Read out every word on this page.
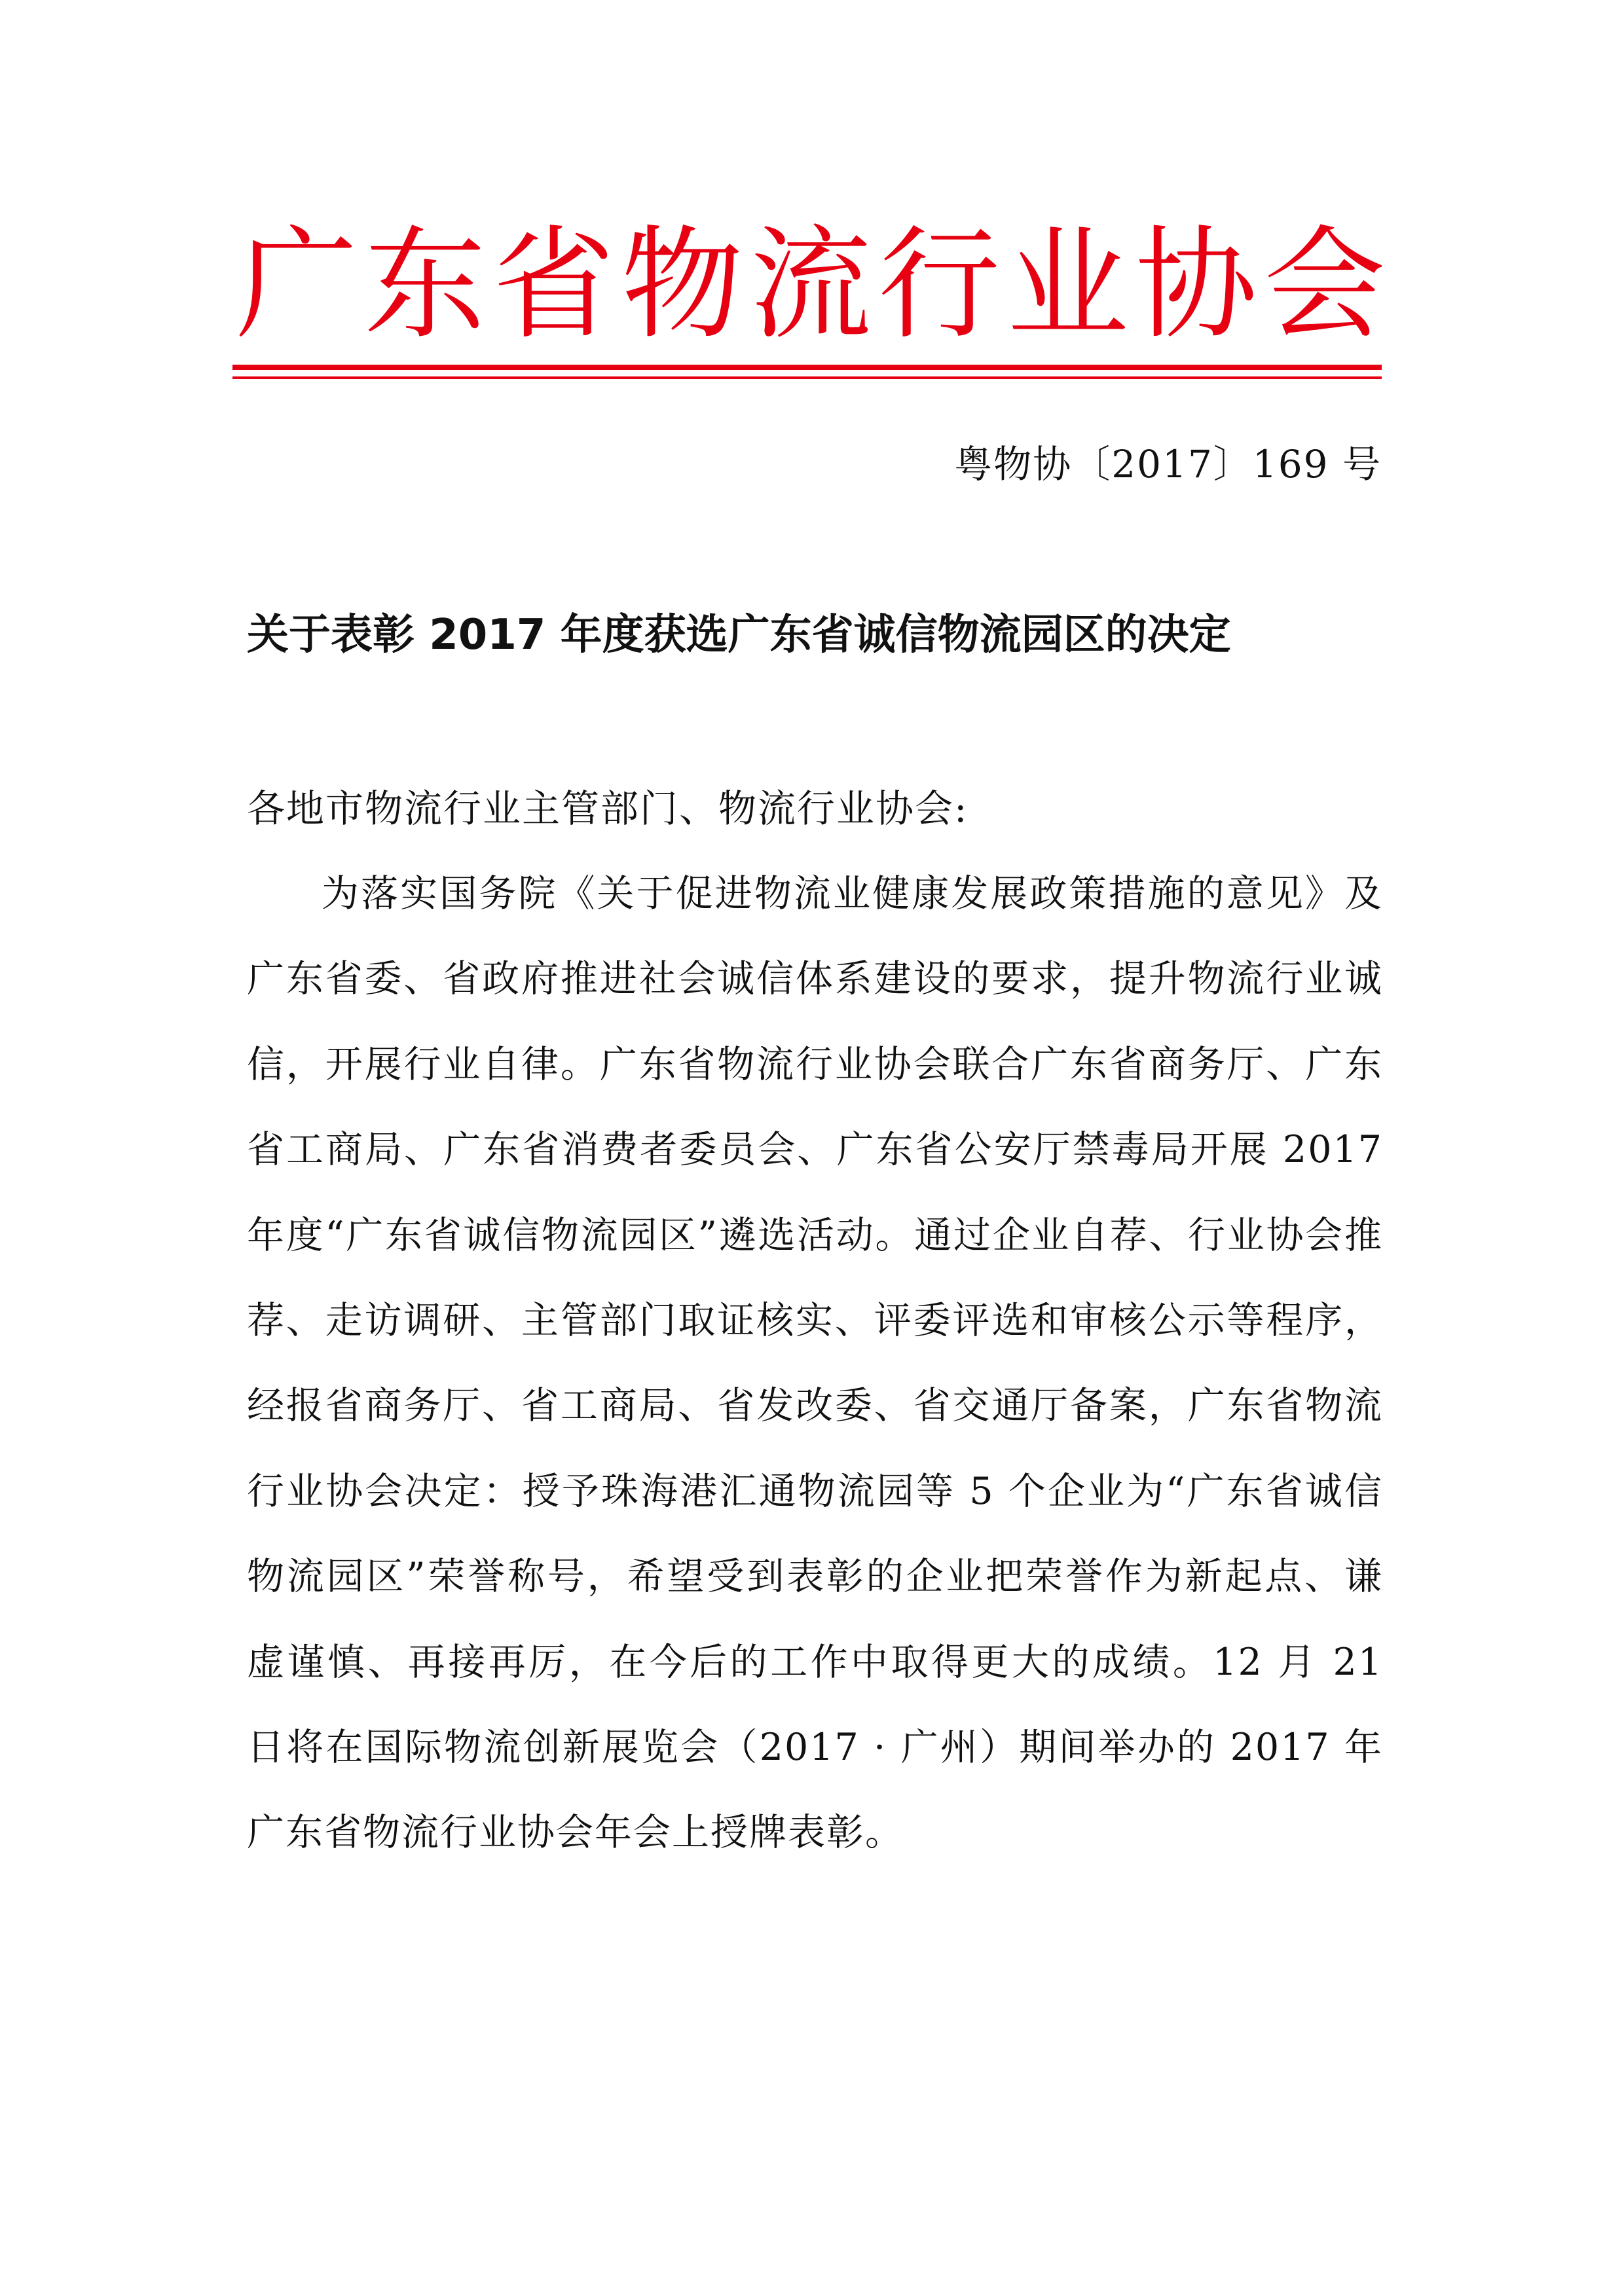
广东省物流行业协会
粤物协〔2017〕169 号
关于表彰 2017 年度获选广东省诚信物流园区的决定
各地市物流行业主管部门、物流行业协会:

为落实国务院《关于促进物流业健康发展政策措施的意见》及广东省委、省政府推进社会诚信体系建设的要求，提升物流行业诚信，开展行业自律。广东省物流行业协会联合广东省商务厅、广东省工商局、广东省消费者委员会、广东省公安厅禁毒局开展 2017 年度“广东省诚信物流园区”遴选活动。通过企业自荐、行业协会推荐、走访调研、主管部门取证核实、评委评选和审核公示等程序，经报省商务厅、省工商局、省发改委、省交通厅备案，广东省物流行业协会决定：授予珠海港汇通物流园等 5 个企业为“广东省诚信物流园区”荣誉称号，希望受到表彰的企业把荣誉作为新起点、谦虚谨慎、再接再厉，在今后的工作中取得更大的成绩。12 月 21 日将在国际物流创新展览会（2017 · 广州）期间举办的 2017 年广东省物流行业协会年会上授牌表彰。
